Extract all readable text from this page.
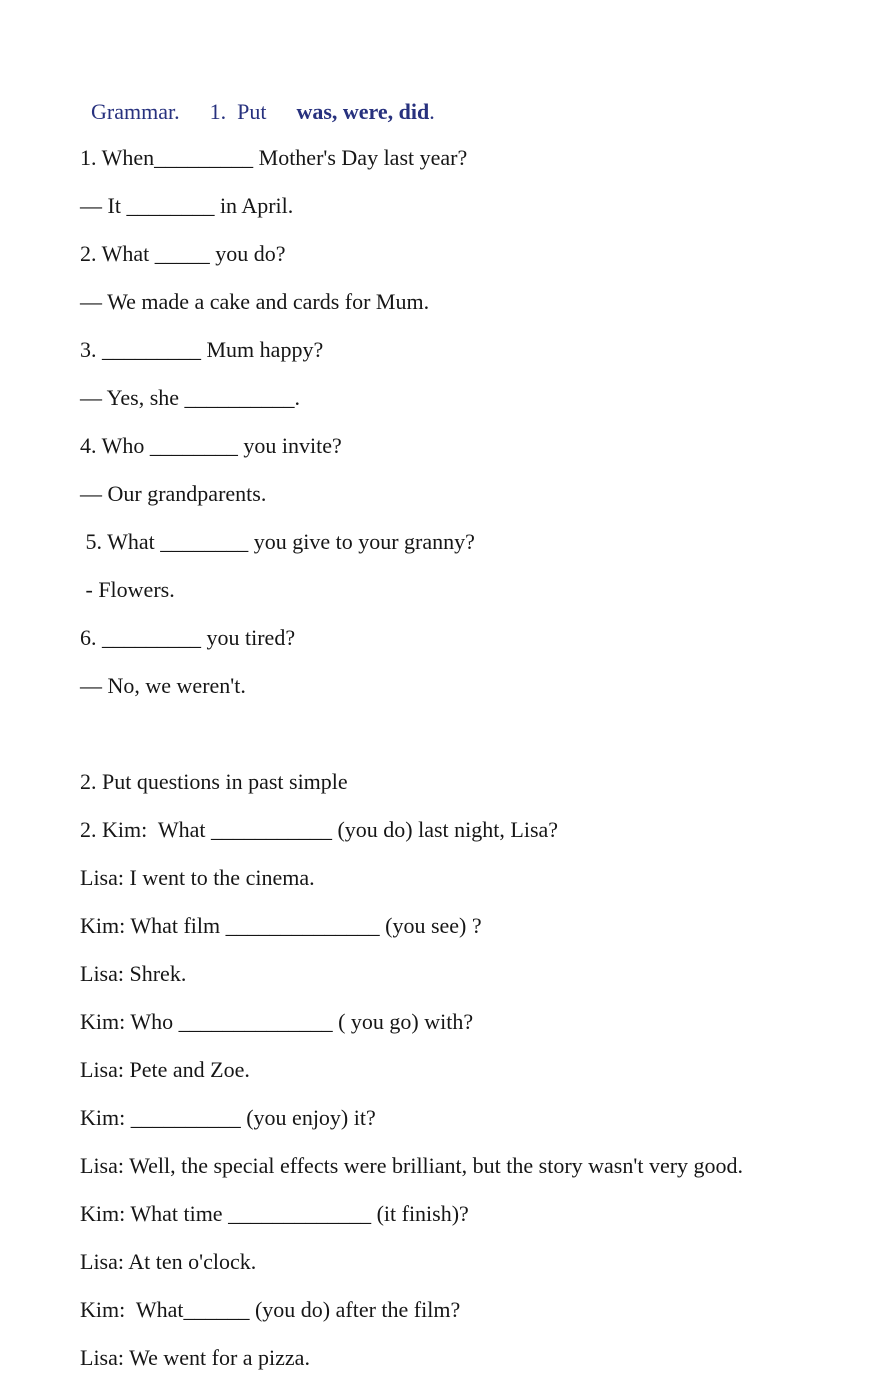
Grammar. 1.  Put was, were, did.
1. When_________ Mother's Day last year?
— It ________ in April.
2. What _____ you do?
— We made a cake and cards for Mum.
3. _________ Mum happy?
— Yes, she __________.
4. Who ________ you invite?
— Our grandparents.
5. What ________ you give to your granny?
- Flowers.
6. _________ you tired?
— No, we weren't.
2. Put questions in past simple
2. Kim:  What ___________ (you do) last night, Lisa?
Lisa: I went to the cinema.
Kim: What film ______________ (you see) ?
Lisa: Shrek.
Kim: Who ______________ ( you go) with?
Lisa: Pete and Zoe.
Kim: __________ (you enjoy) it?
Lisa: Well, the special effects were brilliant, but the story wasn't very good.
Kim: What time _____________ (it finish)?
Lisa: At ten o'clock.
Kim:  What______ (you do) after the film?
Lisa: We went for a pizza.
